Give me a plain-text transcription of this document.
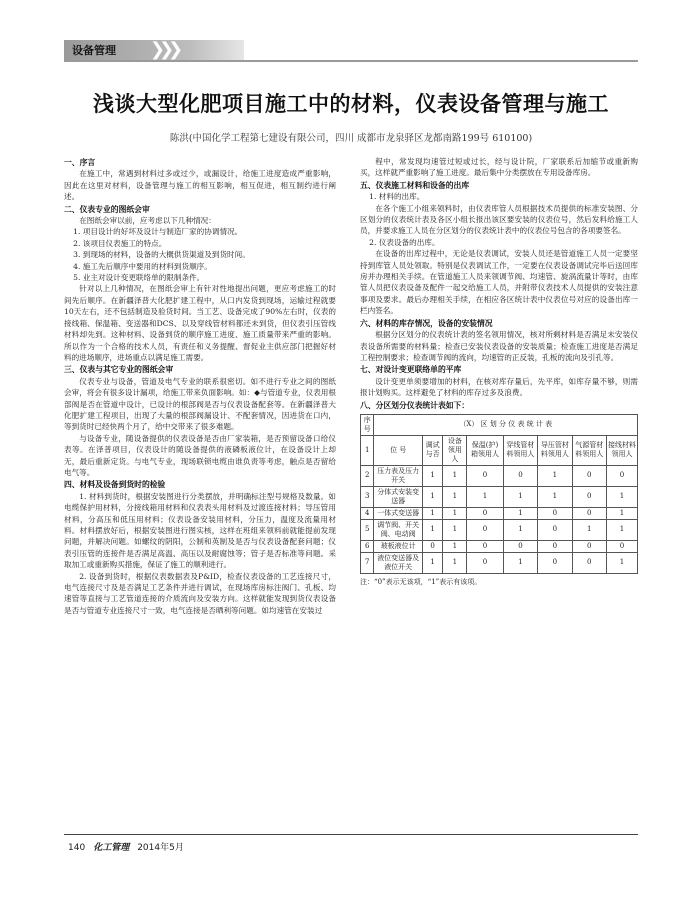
设备管理 ❯❯❯
浅谈大型化肥项目施工中的材料，仪表设备管理与施工
陈洪(中国化学工程第七建设有限公司，四川 成都市龙泉驿区龙都南路199号 610100)
一、序言

在施工中，常遇到材料过多或过少，或漏设计，给施工进度造成严重影响，因此在这里对材料，设备管理与施工的相互影响，相互促进，相互制约进行阐述。

二、仪表专业的图纸会审

在图纸会审以前，应考虑以下几种情况：

1. 项目设计的好坏及设计与制造厂家的协调情况。

2. 该项目仪表施工的特点。

3. 到现场的材料，设备的大概供货渠道及到货时间。

4. 施工先后顺序中要用的材料到货顺序。

5. 业主对设计变更联络单的限制条件。

针对以上几种情况，在图纸会审上有针对性地提出问题，更应考虑施工的时间先后顺序。在新疆泽普大化肥扩建工程中，从口内发货到现场，运输过程就要10天左右，还不包括制造及验货时间。当工艺、设备完成了90%左右时，仪表的接线箱、保温箱、变送器和DCS、以及穿线管材料都还未到货，但仪表引压管线材料却先到。这种材料、设备到货的顺序施工进度、施工质量带来严重的影响。所以作为一个合格的技术人员，有责任和义务提醒、督促业主供应部门把握好材料的进场顺序，进场重点以满足施工需要。

三、仪表与其它专业的图纸会审

仪表专业与设备，管道及电气专业的联系很密切。如不进行专业之间的图纸会审，将会有很多设计漏项，给施工带来负面影响。如：◆与管道专业，仪表用根部阀是否在管道中设计，已设计的根部阀是否与仪表设备配套等。在新疆泽普大化肥扩建工程项目，出现了大量的根部阀漏设计、不配套情况，因进货在口内，等到货时已经快两个月了，给中交带来了很多难题。

与设备专业，随设备提供的仪表设备是否由厂家装箱，是否预留设备口给仪表等。在泽普项目，仪表设计的随设备提供的液磷板液位计，在设备设计上却无，最后重新定货。与电气专业，现场联锁电缆由谁负责等考虑，触点是否留给电气等。

四、材料及设备到货时的检验

1. 材料到货时，根据安装图进行分类摆放，并明确标注型号规格及数量。如电缆保护用材料，分接线箱用材料和仪表表头用材料及过渡连接材料；导压管用材料，分高压和低压用材料；仪表设备安装用材料，分压力，温度及流量用材料。材料摆放好后，根据安装图进行图实核，这样在班组来领料前就能提前发现问题，并解决问题。如螺纹的阴阳，公制和英制及是否与仪表设备配套问题；仪表引压管的连接件是否满足高温、高压以及耐腐蚀等；管子是否标准等问题。采取加工或重新购买措施，保证了施工的顺利进行。

2. 设备到货时，根据仪表数据表及P&ID，检查仪表设备的工艺连接尺寸，电气连接尺寸及是否满足工艺条件并进行调试，在现场库房标注阀门、孔板、均速管等直接与工艺管道连接的介质流向及安装方向。这样就能发现到货仪表设备是否与管道专业连接尺寸一致，电气连接是否晒利等问题。如均速管在安装过

程中，常发现均速管过短或过长，经与设计院，厂家联系后加缩节或重新购买，这样就严重影响了施工进度。最后集中分类摆放在专用设备库房。

五、仪表施工材料和设备的出库

1. 材料的出库。

在各个施工小组来领料时，由仪表库管人员根据技术员提供的标准安装图、分区划分的仪表统计表及各区小组长报出该区要安装的仪表位号，然后发料给施工人员，并要求施工人员在分区划分的仪表统计表中的仪表位号包含的各项要签名。

2. 仪表设备的出库。

在设备的出库过程中，无论是仪表调试，安装人员还是管道施工人员一定要坚持到库管人员处领取。特别是仪表调试工作，一定要在仪表设备调试完毕后送回库房并办理相关手续。在管道施工人员来领调节阀、均速管、旋涡流量计等时，由库管人员把仪表设备及配件一起交给施工人员，并附带仪表技术人员提供的安装注意事项及要求。最后办理相关手续，在相应各区统计表中仪表位号对应的设备出库一栏内签名。

六、材料的库存情况，设备的安装情况

根据分区划分的仪表统计表的签名领用情况，核对所剩材料是否满足未安装仪表设备所需要的材料量；检查已安装仪表设备的安装质量；检查施工进度是否满足工程控制要求；检查调节阀的流向，均速管的正反装，孔板的流向及引孔等。

七、对设计变更联络单的平库

设计变更单须要增加的材料，在核对库存量后，先平库，如库存量不够，则需报计划购买。这样避免了材料的库存过多及浪费。

八、分区划分仪表统计表如下：
序号	（X） 区 划 分 仪 表 统 计 表							
1	位 号	调试与否	设备领用人	保温(护)箱领用人	穿线管材料领用人	导压管材料领用人	气源管材料领用人	接线材料领用人
2	压力表及压力开关	1	1	0	0	1	0	0
3	分体式安装变送器	1	1	1	1	1	0	1
4	一体式变送器	1	1	0	1	0	0	1
5	调节阀、开关阀、电动阀	1	1	0	1	0	1	1
6	玻板液位计	0	1	0	0	0	0	0
7	液位变送器及液位开关	1	1	0	1	0	0	1
注：“0”表示无该项，“1”表示有该项。
140 化工管理 2014年5月
